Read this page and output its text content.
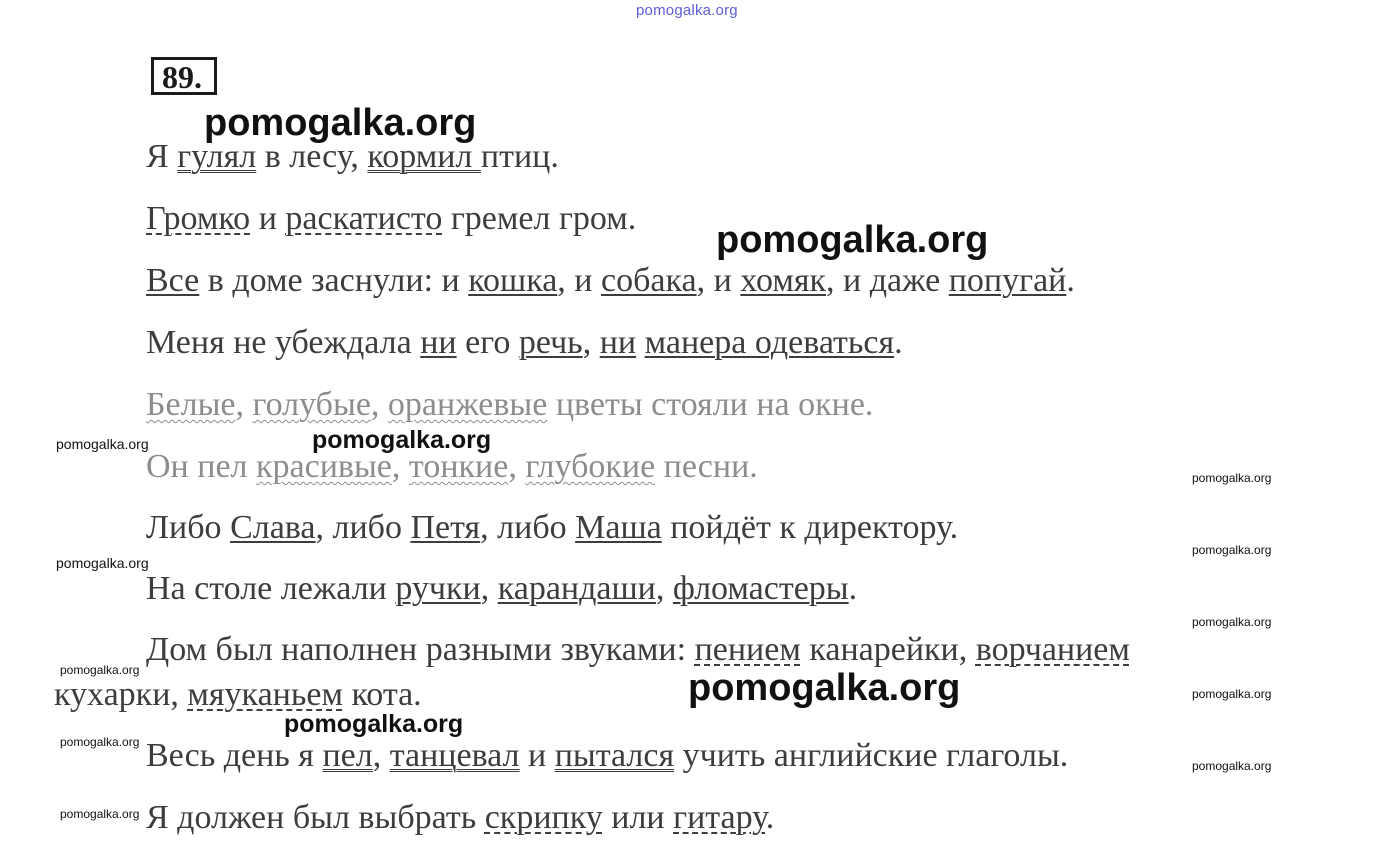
pomogalka.org
89.
Я гулял в лесу, кормил птиц.
Громко и раскатисто гремел гром.
Все в доме заснули: и кошка, и собака, и хомяк, и даже попугай.
Меня не убеждала ни его речь, ни манера одеваться.
Белые, голубые, оранжевые цветы стояли на окне.
Он пел красивые, тонкие, глубокие песни.
Либо Слава, либо Петя, либо Маша пойдёт к директору.
На столе лежали ручки, карандаши, фломастеры.
Дом был наполнен разными звуками: пением канарейки, ворчанием
кухарки, мяуканьем кота.
Весь день я пел, танцевал и пытался учить английские глаголы.
Я должен был выбрать скрипку или гитару.
pomogalka.org
pomogalka.org
pomogalka.org
pomogalka.org
pomogalka.org
pomogalka.org
pomogalka.org
pomogalka.org
pomogalka.org
pomogalka.org
pomogalka.org
pomogalka.org
pomogalka.org
pomogalka.org
pomogalka.org
